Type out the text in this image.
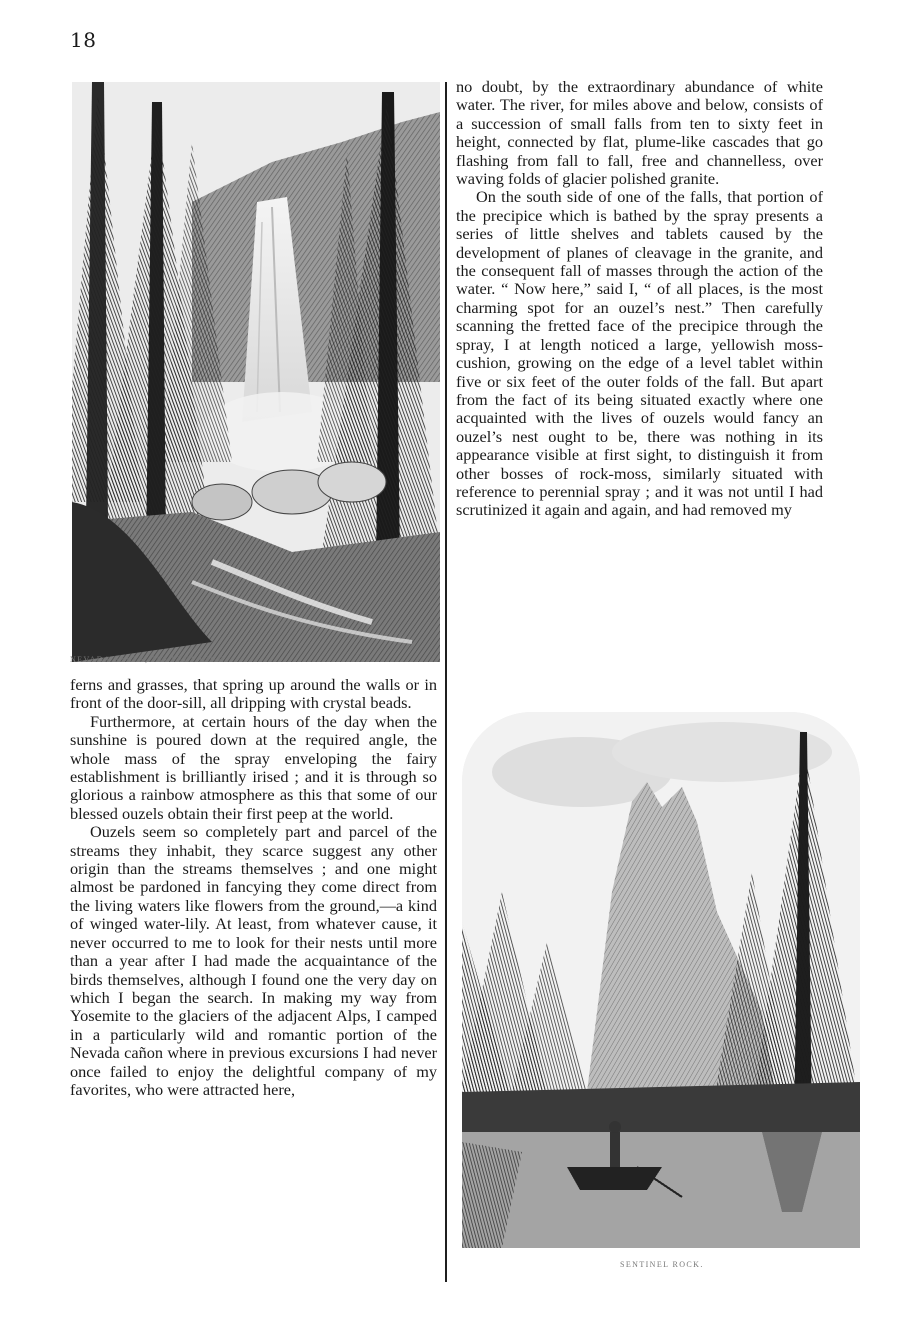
18
NEVADA FALLS, 700 FEET HIGH.

no doubt, by the extraordinary abundance of white water. The river, for miles above and below, consists of a succession of small falls from ten to sixty feet in height, connected by flat, plume-like cascades that go flashing from fall to fall, free and channelless, over waving folds of glacier polished granite.

On the south side of one of the falls, that portion of the precipice which is bathed by the spray presents a series of little shelves and tablets caused by the development of planes of cleavage in the granite, and the consequent fall of masses through the action of the water. “ Now here,” said I, “ of all places, is the most charming spot for an ouzel’s nest.” Then carefully scanning the fretted face of the precipice through the spray, I at length noticed a large, yellowish moss-cushion, growing on the edge of a level tablet within five or six feet of the outer folds of the fall. But apart from the fact of its being situated exactly where one acquainted with the lives of ouzels would fancy an ouzel’s nest ought to be, there was nothing in its appearance visible at first sight, to distinguish it from other bosses of rock-moss, similarly situated with reference to perennial spray ; and it was not until I had scrutinized it again and again, and had removed my

ferns and grasses, that spring up around the walls or in front of the door-sill, all dripping with crystal beads.

Furthermore, at certain hours of the day when the sunshine is poured down at the required angle, the whole mass of the spray enveloping the fairy establishment is brilliantly irised ; and it is through so glorious a rainbow atmosphere as this that some of our blessed ouzels obtain their first peep at the world.

Ouzels seem so completely part and parcel of the streams they inhabit, they scarce suggest any other origin than the streams themselves ; and one might almost be pardoned in fancying they come direct from the living waters like flowers from the ground,—a kind of winged water-lily. At least, from whatever cause, it never occurred to me to look for their nests until more than a year after I had made the acquaintance of the birds themselves, although I found one the very day on which I began the search. In making my way from Yosemite to the glaciers of the adjacent Alps, I camped in a particularly wild and romantic portion of the Nevada cañon where in previous excursions I had never once failed to enjoy the delightful company of my favorites, who were attracted here,

SENTINEL ROCK.
